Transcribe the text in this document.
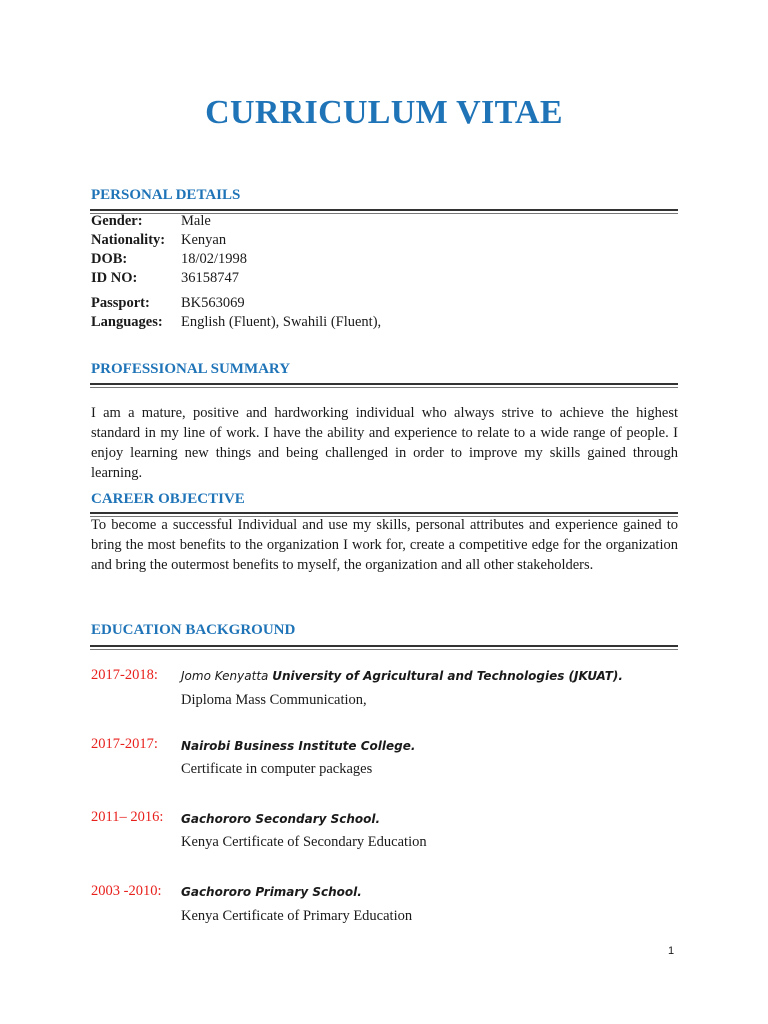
CURRICULUM VITAE
PERSONAL DETAILS
Gender:	Male
Nationality:	Kenyan
DOB:	18/02/1998
ID NO:	36158747
Passport:	BK563069
Languages:	English (Fluent), Swahili (Fluent),
PROFESSIONAL SUMMARY
I am a mature, positive and hardworking individual who always strive to achieve the highest standard in my line of work. I have the ability and experience to relate to a wide range of people. I enjoy learning new things and being challenged in order to improve my skills gained through learning.
CAREER OBJECTIVE
To become a successful Individual and use my skills, personal attributes and experience gained to bring the most benefits to the organization I work for, create a competitive edge for the organization and bring the outermost benefits to myself, the organization and all other stakeholders.
EDUCATION BACKGROUND
2017-2018: Jomo Kenyatta University of Agricultural and Technologies (JKUAT).
Diploma Mass Communication,
2017-2017: Nairobi Business Institute College.
Certificate in computer packages
2011– 2016: Gachororo Secondary School.
Kenya Certificate of Secondary Education
2003 -2010: Gachororo Primary School.
Kenya Certificate of Primary Education
1
